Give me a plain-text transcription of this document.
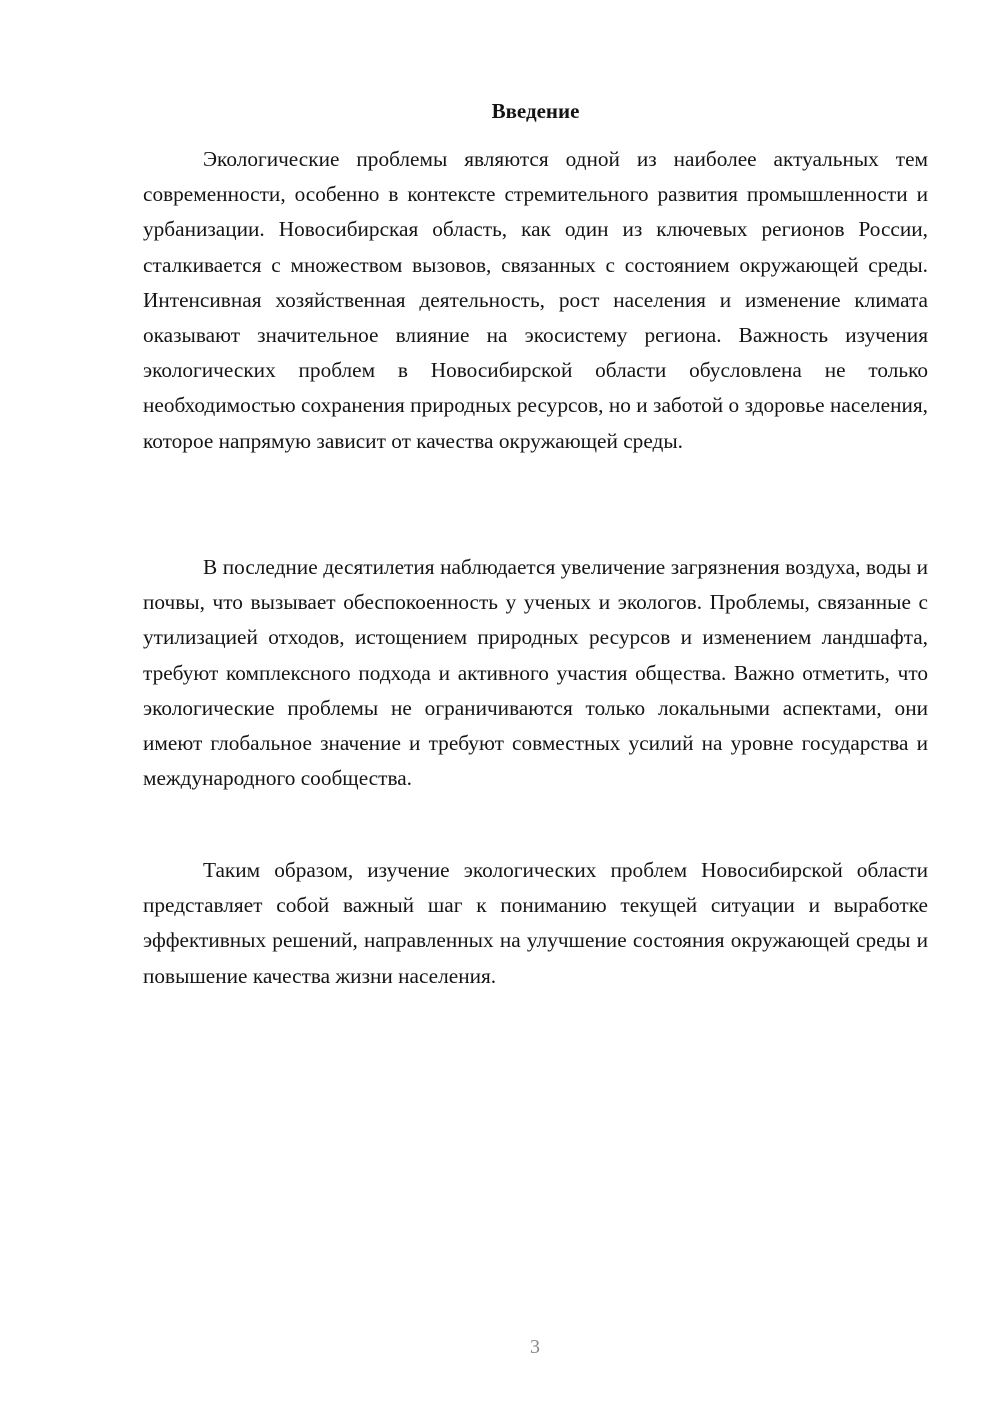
Введение

Экологические проблемы являются одной из наиболее актуальных тем современности, особенно в контексте стремительного развития промышленности и урбанизации. Новосибирская область, как один из ключевых регионов России, сталкивается с множеством вызовов, связанных с состоянием окружающей среды. Интенсивная хозяйственная деятельность, рост населения и изменение климата оказывают значительное влияние на экосистему региона. Важность изучения экологических проблем в Новосибирской области обусловлена не только необходимостью сохранения природных ресурсов, но и заботой о здоровье населения, которое напрямую зависит от качества окружающей среды.

В последние десятилетия наблюдается увеличение загрязнения воздуха, воды и почвы, что вызывает обеспокоенность у ученых и экологов. Проблемы, связанные с утилизацией отходов, истощением природных ресурсов и изменением ландшафта, требуют комплексного подхода и активного участия общества. Важно отметить, что экологические проблемы не ограничиваются только локальными аспектами, они имеют глобальное значение и требуют совместных усилий на уровне государства и международного сообщества.

Таким образом, изучение экологических проблем Новосибирской области представляет собой важный шаг к пониманию текущей ситуации и выработке эффективных решений, направленных на улучшение состояния окружающей среды и повышение качества жизни населения.

3
